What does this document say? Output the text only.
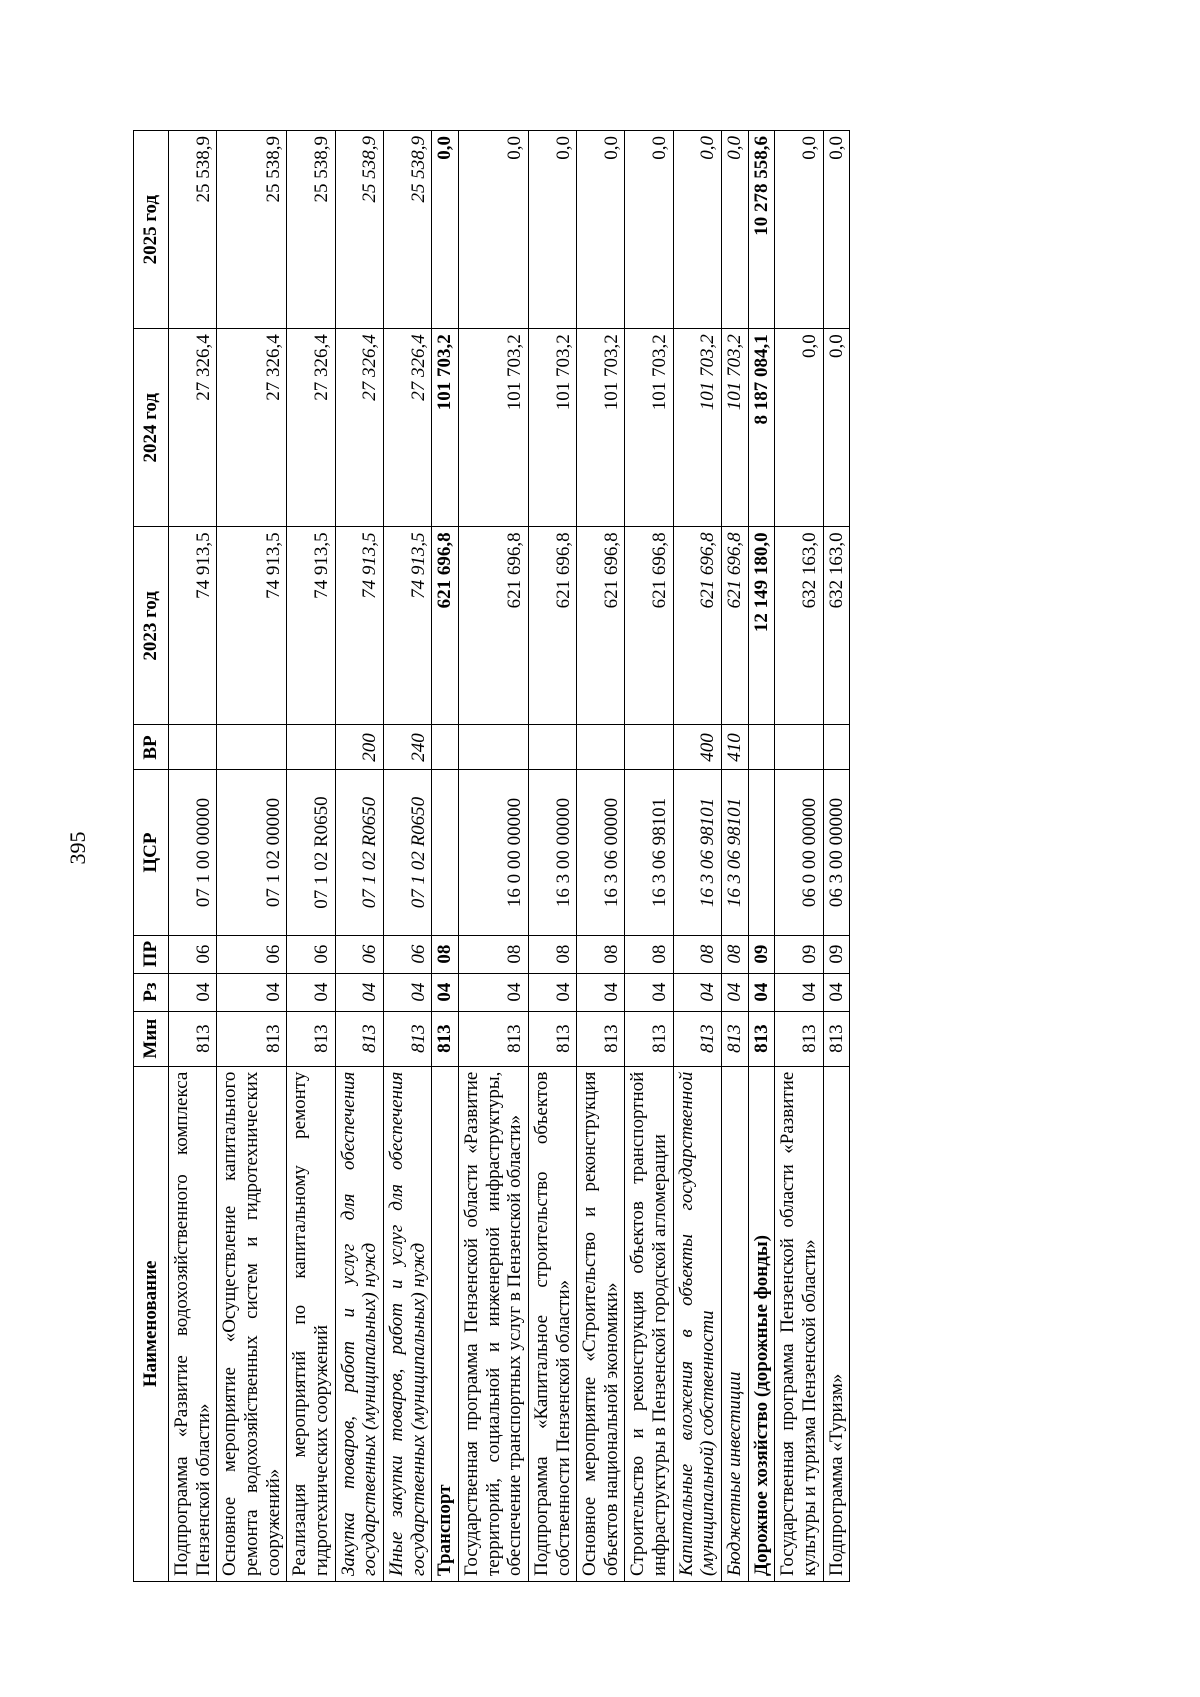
395
Наименование	Мин	Рз	ПР	ЦСР	ВР	2023 год	2024 год	2025 год
Подпрограмма «Развитие водохозяйственного комплекса Пензенской области»	813	04	06	07 1 00 00000		74 913,5	27 326,4	25 538,9
Основное мероприятие «Осуществление капитального ремонта водохозяйственных систем и гидротехнических сооружений»	813	04	06	07 1 02 00000		74 913,5	27 326,4	25 538,9
Реализация мероприятий по капитальному ремонту гидротехнических сооружений	813	04	06	07 1 02 R0650		74 913,5	27 326,4	25 538,9
Закупка товаров, работ и услуг для обеспечения государственных (муниципальных) нужд	813	04	06	07 1 02 R0650	200	74 913,5	27 326,4	25 538,9
Иные закупки товаров, работ и услуг для обеспечения государственных (муниципальных) нужд	813	04	06	07 1 02 R0650	240	74 913,5	27 326,4	25 538,9
Транспорт	813	04	08			621 696,8	101 703,2	0,0
Государственная программа Пензенской области «Развитие территорий, социальной и инженерной инфраструктуры, обеспечение транспортных услуг в Пензенской области»	813	04	08	16 0 00 00000		621 696,8	101 703,2	0,0
Подпрограмма «Капитальное строительство объектов собственности Пензенской области»	813	04	08	16 3 00 00000		621 696,8	101 703,2	0,0
Основное мероприятие «Строительство и реконструкция объектов национальной экономики»	813	04	08	16 3 06 00000		621 696,8	101 703,2	0,0
Строительство и реконструкция объектов транспортной инфраструктуры в Пензенской городской агломерации	813	04	08	16 3 06 98101		621 696,8	101 703,2	0,0
Капитальные вложения в объекты государственной (муниципальной) собственности	813	04	08	16 3 06 98101	400	621 696,8	101 703,2	0,0
Бюджетные инвестиции	813	04	08	16 3 06 98101	410	621 696,8	101 703,2	0,0
Дорожное хозяйство (дорожные фонды)	813	04	09			12 149 180,0	8 187 084,1	10 278 558,6
Государственная программа Пензенской области «Развитие культуры и туризма Пензенской области»	813	04	09	06 0 00 00000		632 163,0	0,0	0,0
Подпрограмма «Туризм»	813	04	09	06 3 00 00000		632 163,0	0,0	0,0
